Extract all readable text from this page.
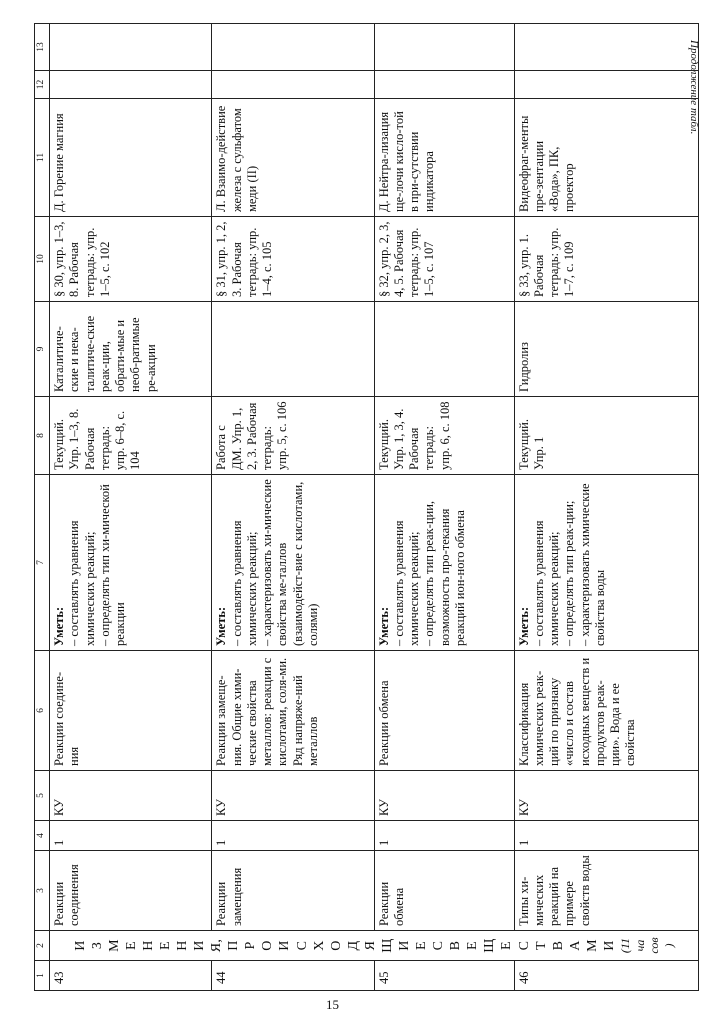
Продолжение табл.
1	2	3	4	5	6	7	8	9	10	11	12	13
43	ИЗМЕНЕНИЯ, ПРОИСХОДЯЩИЕ С ВЕЩЕСТВАМИ (11 часов)	Реакции соединения	1	КУ	Реакции соедине-ния	Уметь: – составлять уравнения химических реакций; – определять тип хи-мической реакции	Текущий. Упр. 1–3, 8. Рабочая тетрадь: упр. 6–8, с. 104	Каталитиче-ские и нека-талитиче-ские реак-ции, обрати-мые и необ-ратимые ре-акции	§ 30, упр. 1–3, 8. Рабочая тетрадь: упр. 1–5, с. 102	Д. Горение магния		
44		Реакции замещения	1	КУ	Реакции замеще-ния. Общие хими-ческие свойства металлов: реакции с кислотами, соля-ми. Ряд напряже-ний металлов	Уметь: – составлять уравнения химических реакций; – характеризовать хи-мические свойства ме-таллов (взаимодейст-вие с кислотами, солями)	Работа с ДМ. Упр. 1, 2, 3. Рабочая тетрадь: упр. 5, с. 106		§ 31, упр. 1, 2, 3. Рабочая тетрадь: упр. 1–4, с. 105	Л. Взаимо-действие железа с сульфатом меди (II)		
45		Реакции обмена	1	КУ	Реакции обмена	Уметь: – составлять уравнения химических реакций; – определять тип реак-ции, возможность про-текания реакций ион-ного обмена	Текущий. Упр. 1, 3, 4. Рабочая тетрадь: упр. 6, с. 108		§ 32, упр. 2, 3, 4, 5. Рабочая тетрадь: упр. 1–5, с. 107	Д. Нейтра-лизация ще-лочи кисло-той в при-сутствии индикатора		
46		Типы хи-мических реакций на примере свойств воды	1	КУ	Классификация химических реак-ций по признаку «число и состав исходных веществ и продуктов реак-ции». Вода и ее свойства	Уметь: – составлять уравнения химических реакций; – определять тип реак-ции; – характеризовать химические свойства воды	Текущий. Упр. 1	Гидролиз	§ 33, упр. 1. Рабочая тетрадь: упр. 1–7, с. 109	Видеофраг-менты пре-зентации «Вода», ПК, проектор		
15
